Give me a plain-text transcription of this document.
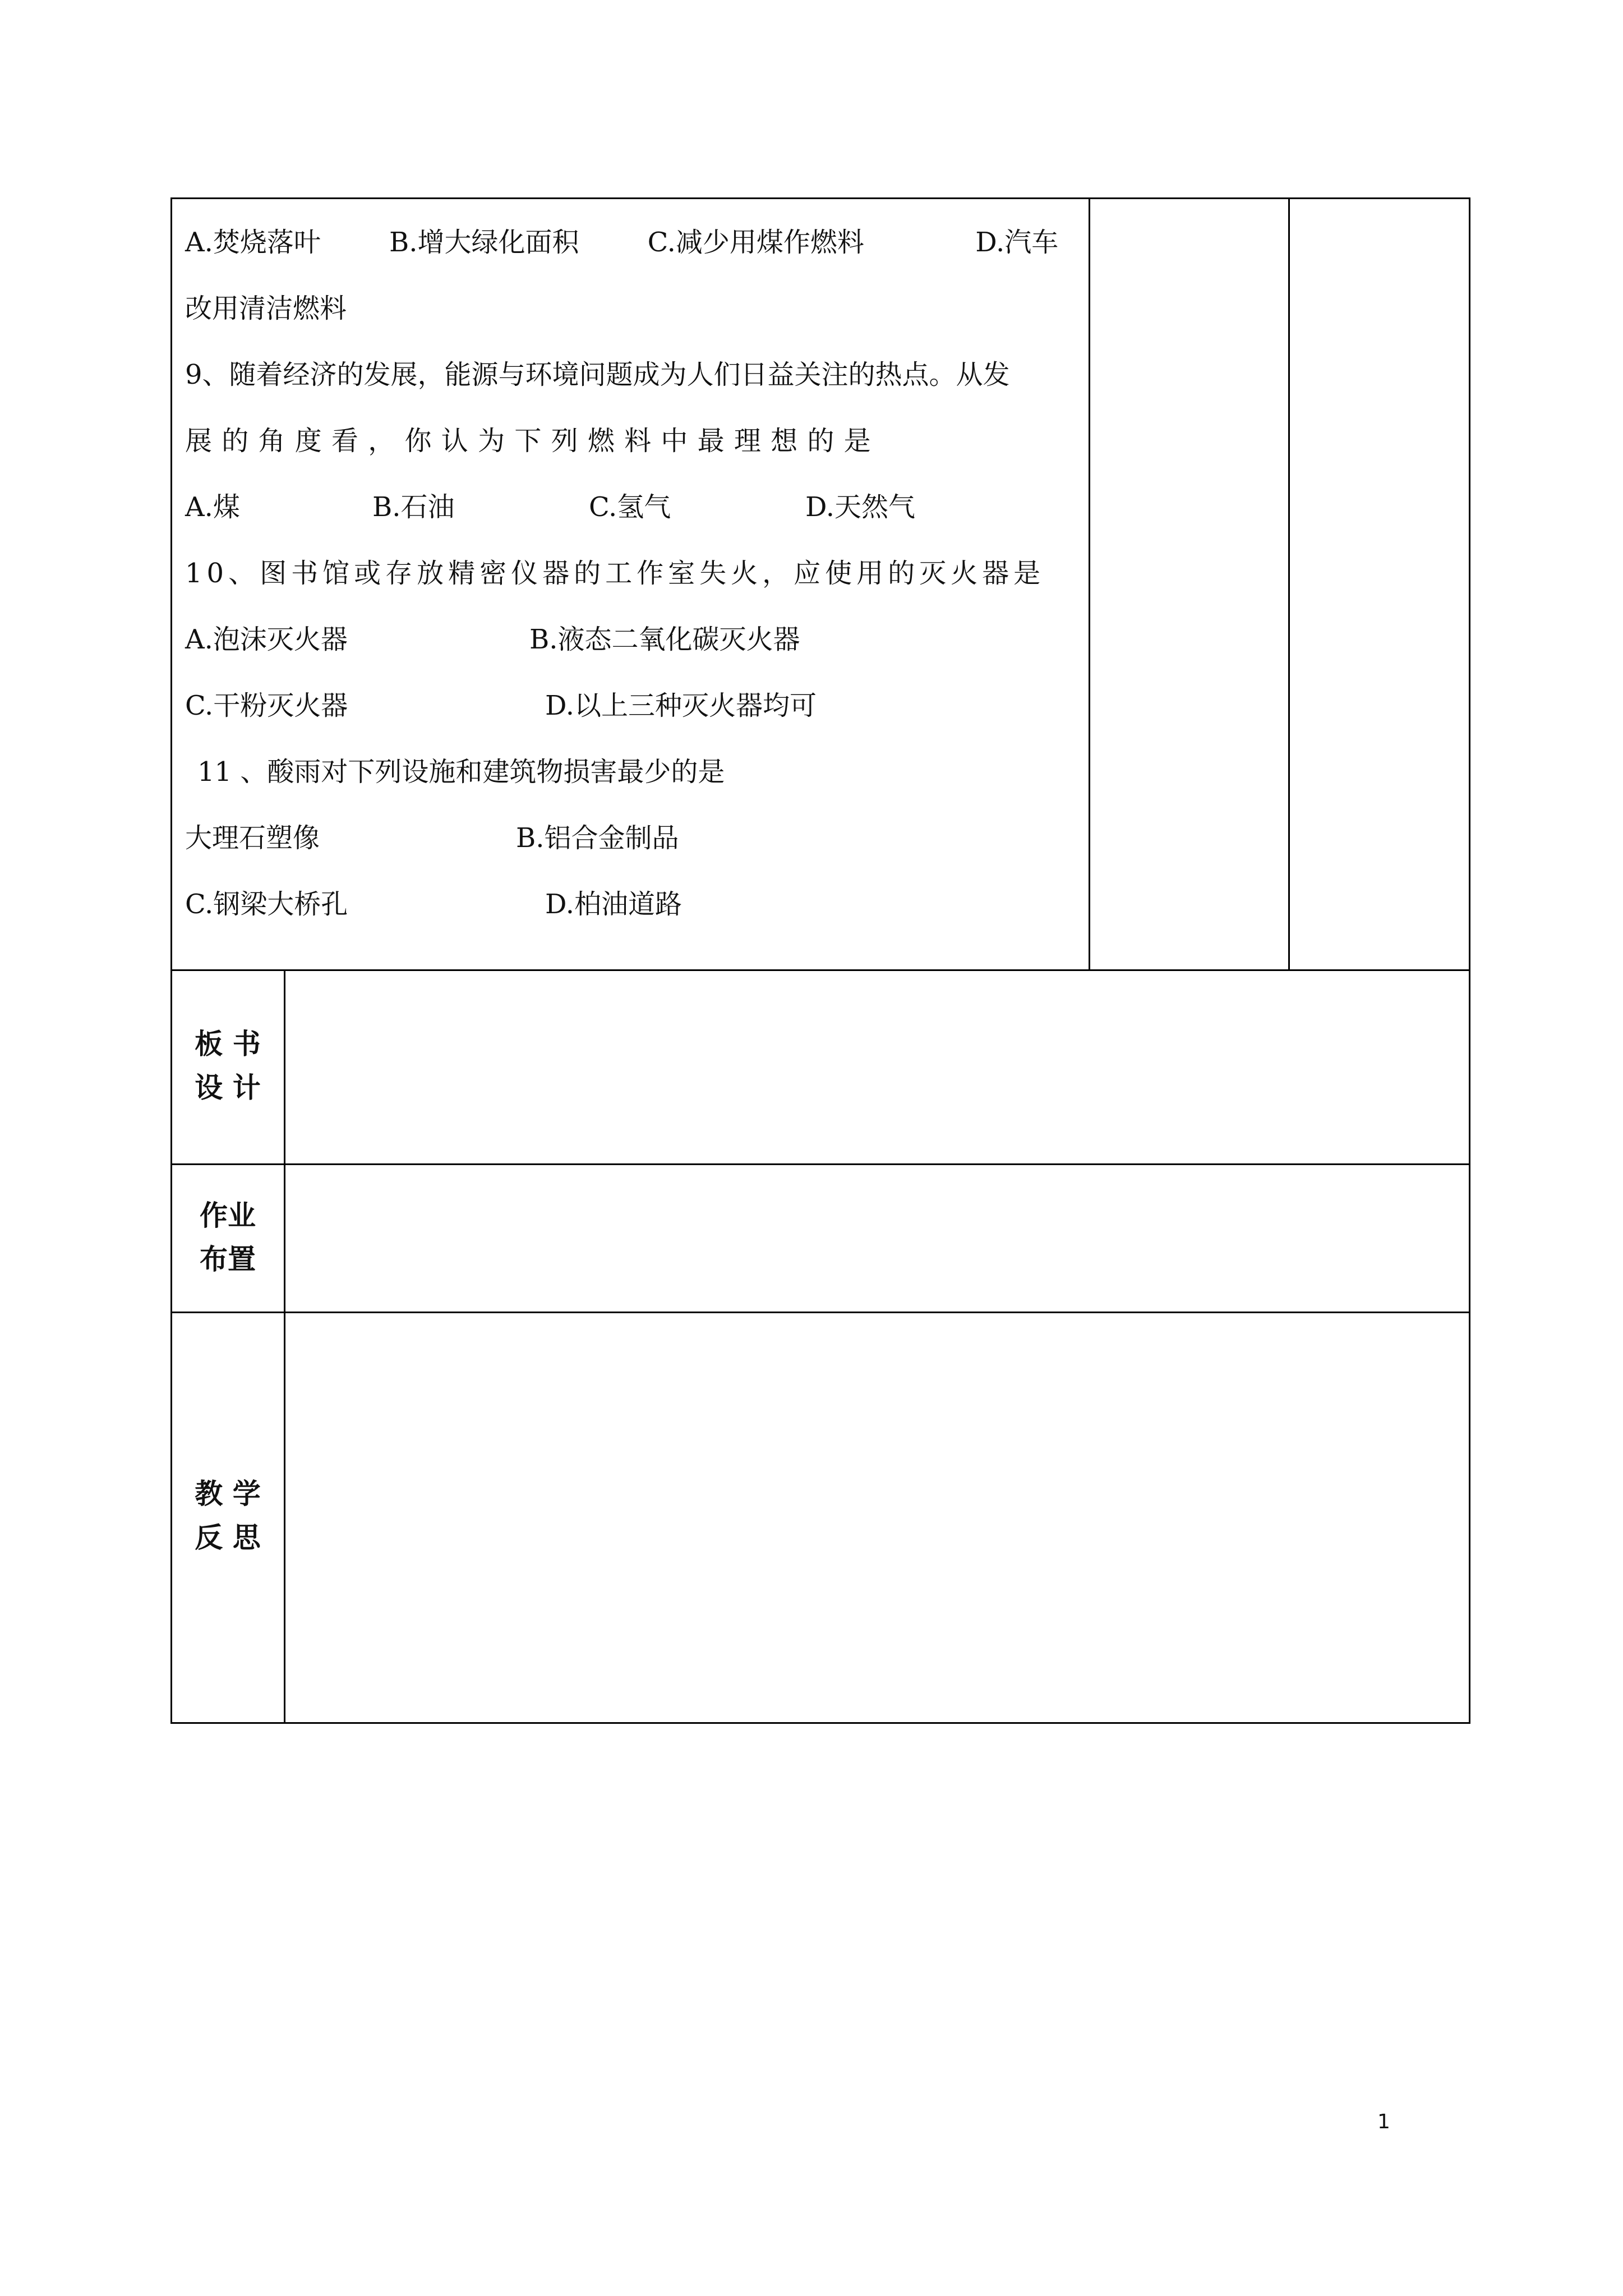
A.焚烧落叶        B.增大绿化面积        C.减少用煤作燃料             D.汽车
改用清洁燃料
9、随着经济的发展，能源与环境问题成为人们日益关注的热点。从发
展 的 角 度 看 ， 你 认 为 下 列 燃 料 中 最 理 想 的 是
A.煤	B.石油	C.氢气	D.天然气
10、图书馆或存放精密仪器的工作室失火，应使用的灭火器是
A.泡沫灭火器	B.液态二氧化碳灭火器
C.干粉灭火器	D.以上三种灭火器均可
11 、酸雨对下列设施和建筑物损害最少的是
大理石塑像	B.铝合金制品
C.钢梁大桥孔	D.柏油道路
板 书
设 计
作业
布置
教 学
反 思
1
